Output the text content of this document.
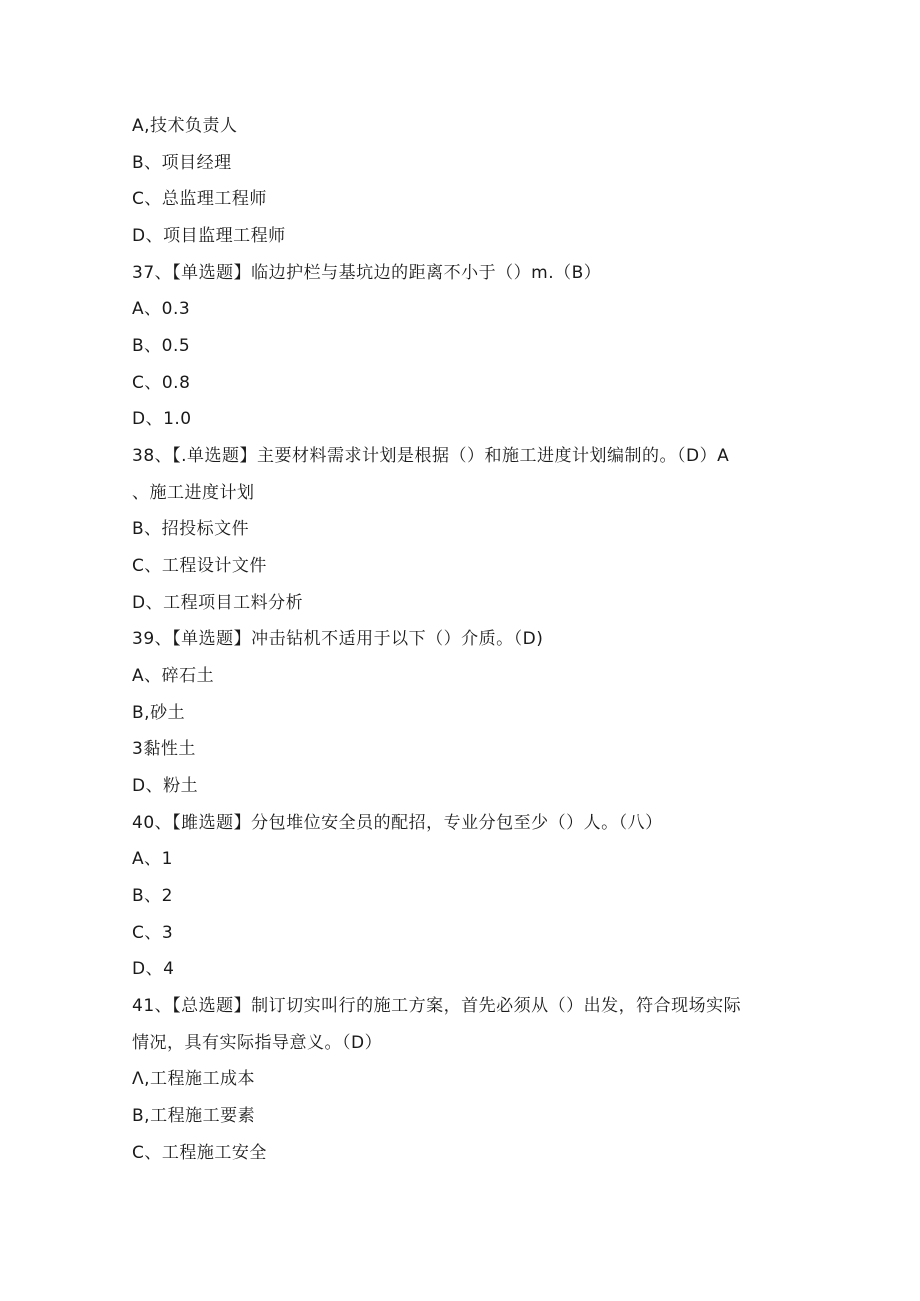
A,技术负责人
B、项目经理
C、总监理工程师
D、项目监理工程师
37、【单选题】临边护栏与基坑边的距离不小于（）m.（B）
A、0.3
B、0.5
C、0.8
D、1.0
38、【.单选题】主要材料需求计划是根据（）和施工进度计划编制的。（D）A
、施工进度计划
B、招投标文件
C、工程设计文件
D、工程项目工料分析
39、【单选题】冲击钻机不适用于以下（）介质。（D)
A、碎石土
B,砂土
3黏性土
D、粉土
40、【雎选题】分包堆位安全员的配招，专业分包至少（）人。（八）
A、1
B、2
C、3
D、4
41、【总选题】制订切实叫行的施工方案，首先必须从（）出发，符合现场实际
情况，具有实际指导意义。（D）
Λ,工程施工成本
B,工程施工要素
C、工程施工安全
